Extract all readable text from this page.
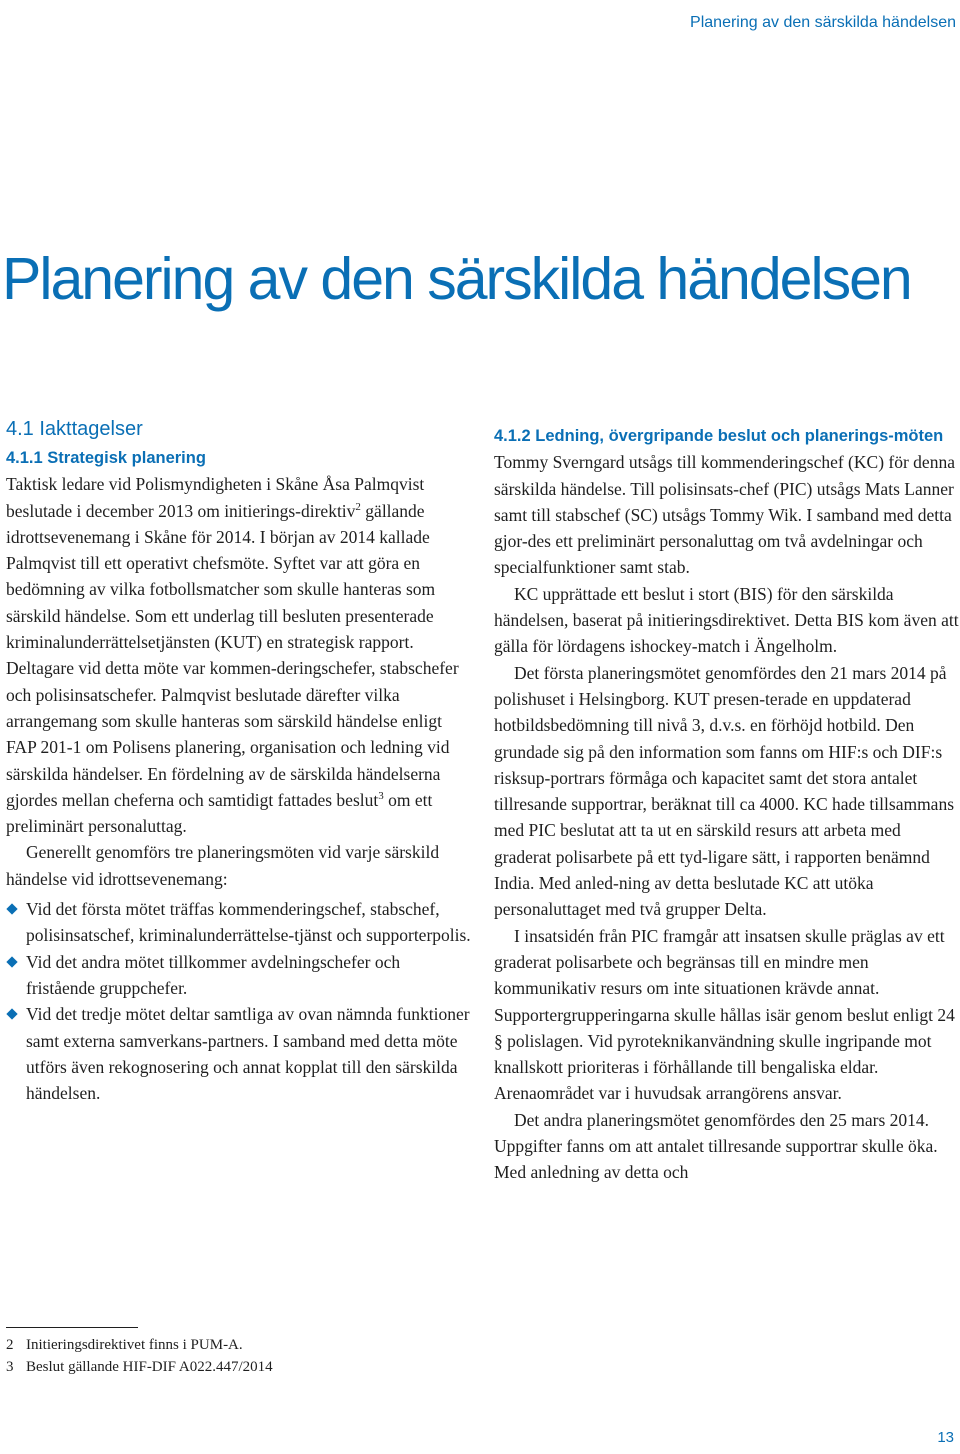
Planering av den särskilda händelsen
Planering av den särskilda händelsen
4.1 Iakttagelser
4.1.1 Strategisk planering

Taktisk ledare vid Polismyndigheten i Skåne Åsa Palmqvist beslutade i december 2013 om initierings-direktiv$^2$ gällande idrottsevenemang i Skåne för 2014. I början av 2014 kallade Palmqvist till ett operativt chefsmöte. Syftet var att göra en bedömning av vilka fotbollsmatcher som skulle hanteras som särskild händelse. Som ett underlag till besluten presenterade kriminalunderrättelsetjänsten (KUT) en strategisk rapport. Deltagare vid detta möte var kommen-deringschefer, stabschefer och polisinsatschefer. Palmqvist beslutade därefter vilka arrangemang som skulle hanteras som särskild händelse enligt FAP 201-1 om Polisens planering, organisation och ledning vid särskilda händelser. En fördelning av de särskilda händelserna gjordes mellan cheferna och samtidigt fattades beslut$^3$ om ett preliminärt personaluttag.

Generellt genomförs tre planeringsmöten vid varje särskild händelse vid idrottsevenemang:

Vid det första mötet träffas kommenderingschef, stabschef, polisinsatschef, kriminalunderrättelse-tjänst och supporterpolis.
Vid det andra mötet tillkommer avdelningschefer och fristående gruppchefer.
Vid det tredje mötet deltar samtliga av ovan nämnda funktioner samt externa samverkans-partners. I samband med detta möte utförs även rekognosering och annat kopplat till den särskilda händelsen.

2 Initieringsdirektivet finns i PUM-A.

3 Beslut gällande HIF-DIF A022.447/2014

4.1.2 Ledning, övergripande beslut och planerings-möten

Tommy Sverngard utsågs till kommenderingschef (KC) för denna särskilda händelse. Till polisinsats-chef (PIC) utsågs Mats Lanner samt till stabschef (SC) utsågs Tommy Wik. I samband med detta gjor-des ett preliminärt personaluttag om två avdelningar och specialfunktioner samt stab.

KC upprättade ett beslut i stort (BIS) för den särskilda händelsen, baserat på initieringsdirektivet. Detta BIS kom även att gälla för lördagens ishockey-match i Ängelholm.

Det första planeringsmötet genomfördes den 21 mars 2014 på polishuset i Helsingborg. KUT presen-terade en uppdaterad hotbildsbedömning till nivå 3, d.v.s. en förhöjd hotbild. Den grundade sig på den information som fanns om HIF:s och DIF:s risksup-portrars förmåga och kapacitet samt det stora antalet tillresande supportrar, beräknat till ca 4000. KC hade tillsammans med PIC beslutat att ta ut en särskild resurs att arbeta med graderat polisarbete på ett tyd-ligare sätt, i rapporten benämnd India. Med anled-ning av detta beslutade KC att utöka personaluttaget med två grupper Delta.

I insatsidén från PIC framgår att insatsen skulle präglas av ett graderat polisarbete och begränsas till en mindre men kommunikativ resurs om inte situationen krävde annat. Supportergrupperingarna skulle hållas isär genom beslut enligt 24 § polislagen. Vid pyroteknikanvändning skulle ingripande mot knallskott prioriteras i förhållande till bengaliska eldar. Arenaområdet var i huvudsak arrangörens ansvar.

Det andra planeringsmötet genomfördes den 25 mars 2014. Uppgifter fanns om att antalet tillresande supportrar skulle öka. Med anledning av detta och

13
